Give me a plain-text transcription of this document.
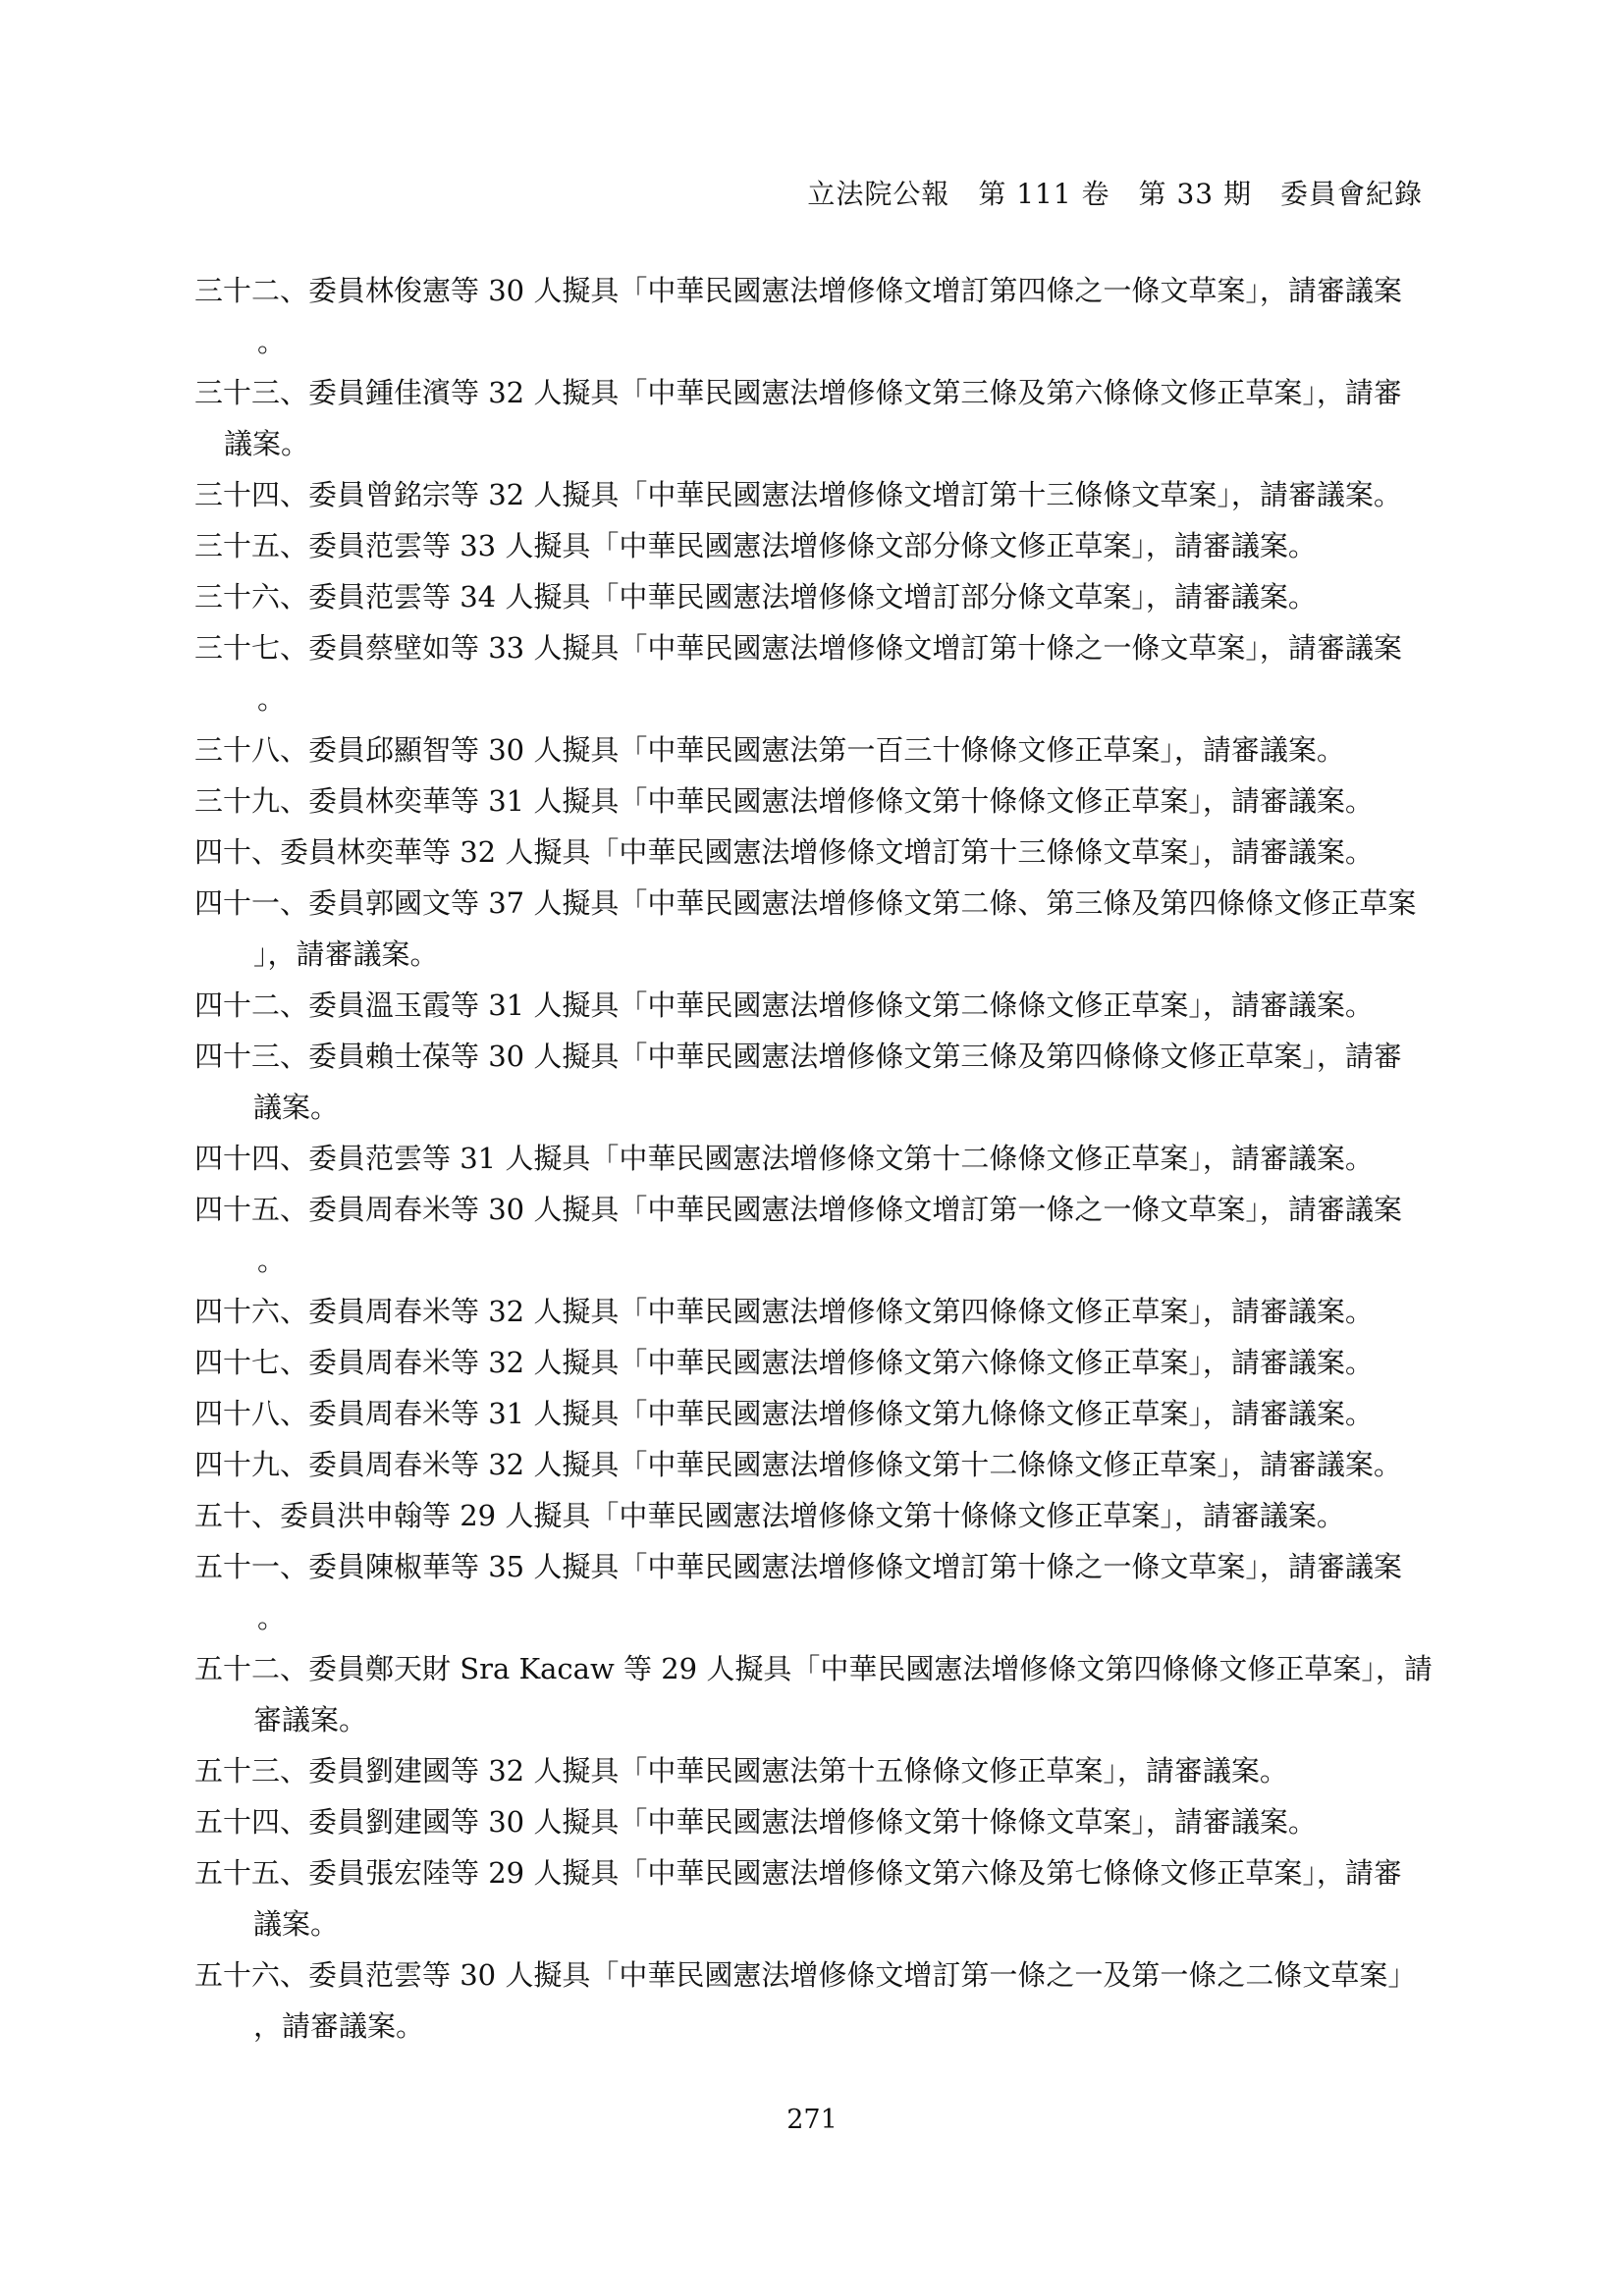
立法院公報　第 111 卷　第 33 期　委員會紀錄
三十二、委員林俊憲等 30 人擬具「中華民國憲法增修條文增訂第四條之一條文草案」，請審議案
。
三十三、委員鍾佳濱等 32 人擬具「中華民國憲法增修條文第三條及第六條條文修正草案」，請審
議案。
三十四、委員曾銘宗等 32 人擬具「中華民國憲法增修條文增訂第十三條條文草案」，請審議案。
三十五、委員范雲等 33 人擬具「中華民國憲法增修條文部分條文修正草案」，請審議案。
三十六、委員范雲等 34 人擬具「中華民國憲法增修條文增訂部分條文草案」，請審議案。
三十七、委員蔡壁如等 33 人擬具「中華民國憲法增修條文增訂第十條之一條文草案」，請審議案
。
三十八、委員邱顯智等 30 人擬具「中華民國憲法第一百三十條條文修正草案」，請審議案。
三十九、委員林奕華等 31 人擬具「中華民國憲法增修條文第十條條文修正草案」，請審議案。
四十、委員林奕華等 32 人擬具「中華民國憲法增修條文增訂第十三條條文草案」，請審議案。
四十一、委員郭國文等 37 人擬具「中華民國憲法增修條文第二條、第三條及第四條條文修正草案
」，請審議案。
四十二、委員溫玉霞等 31 人擬具「中華民國憲法增修條文第二條條文修正草案」，請審議案。
四十三、委員賴士葆等 30 人擬具「中華民國憲法增修條文第三條及第四條條文修正草案」，請審
議案。
四十四、委員范雲等 31 人擬具「中華民國憲法增修條文第十二條條文修正草案」，請審議案。
四十五、委員周春米等 30 人擬具「中華民國憲法增修條文增訂第一條之一條文草案」，請審議案
。
四十六、委員周春米等 32 人擬具「中華民國憲法增修條文第四條條文修正草案」，請審議案。
四十七、委員周春米等 32 人擬具「中華民國憲法增修條文第六條條文修正草案」，請審議案。
四十八、委員周春米等 31 人擬具「中華民國憲法增修條文第九條條文修正草案」，請審議案。
四十九、委員周春米等 32 人擬具「中華民國憲法增修條文第十二條條文修正草案」，請審議案。
五十、委員洪申翰等 29 人擬具「中華民國憲法增修條文第十條條文修正草案」，請審議案。
五十一、委員陳椒華等 35 人擬具「中華民國憲法增修條文增訂第十條之一條文草案」，請審議案
。
五十二、委員鄭天財 Sra Kacaw 等 29 人擬具「中華民國憲法增修條文第四條條文修正草案」，請
審議案。
五十三、委員劉建國等 32 人擬具「中華民國憲法第十五條條文修正草案」，請審議案。
五十四、委員劉建國等 30 人擬具「中華民國憲法增修條文第十條條文草案」，請審議案。
五十五、委員張宏陸等 29 人擬具「中華民國憲法增修條文第六條及第七條條文修正草案」，請審
議案。
五十六、委員范雲等 30 人擬具「中華民國憲法增修條文增訂第一條之一及第一條之二條文草案」
，請審議案。
271
